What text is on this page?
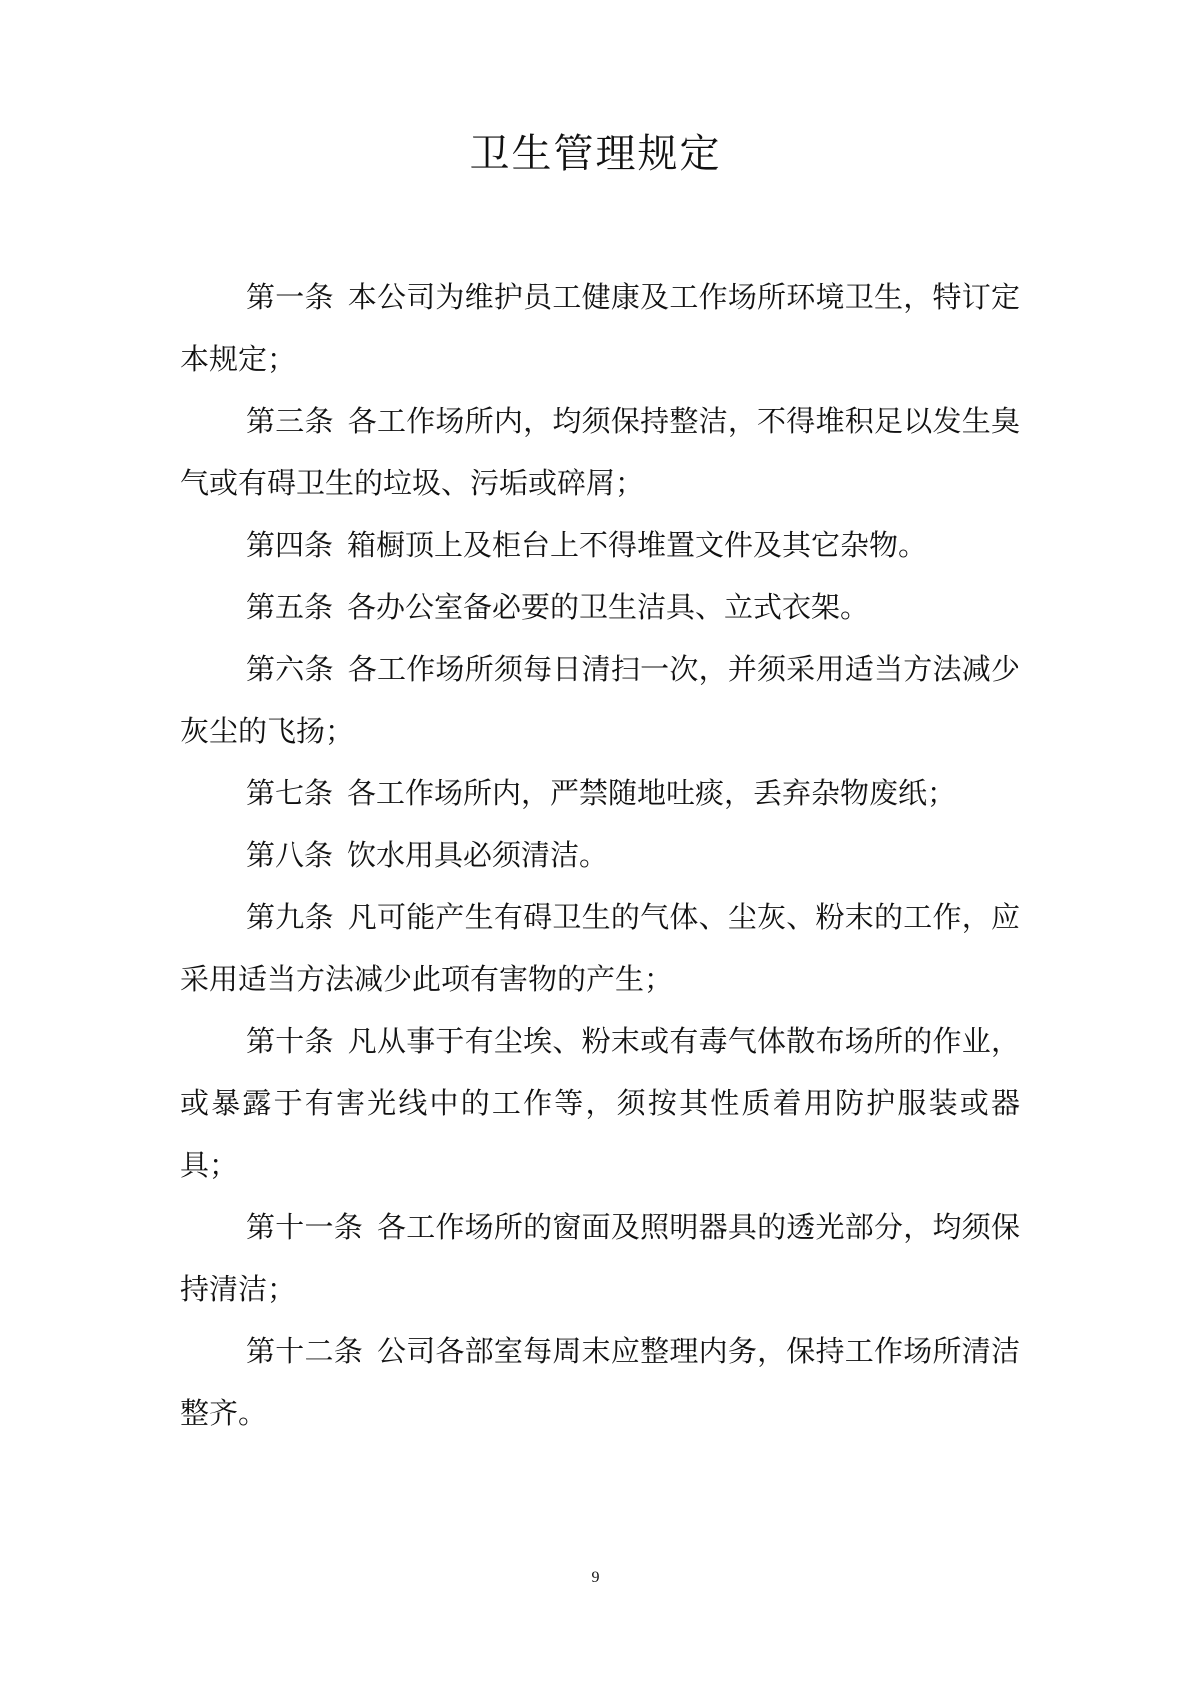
卫生管理规定

第一条 本公司为维护员工健康及工作场所环境卫生，特订定本规定；

第三条 各工作场所内，均须保持整洁，不得堆积足以发生臭气或有碍卫生的垃圾、污垢或碎屑；

第四条 箱橱顶上及柜台上不得堆置文件及其它杂物。

第五条 各办公室备必要的卫生洁具、立式衣架。

第六条 各工作场所须每日清扫一次，并须采用适当方法减少灰尘的飞扬；

第七条 各工作场所内，严禁随地吐痰，丢弃杂物废纸；

第八条 饮水用具必须清洁。

第九条 凡可能产生有碍卫生的气体、尘灰、粉末的工作，应采用适当方法减少此项有害物的产生；

第十条 凡从事于有尘埃、粉末或有毒气体散布场所的作业，或暴露于有害光线中的工作等，须按其性质着用防护服装或器具；

第十一条 各工作场所的窗面及照明器具的透光部分，均须保持清洁；

第十二条 公司各部室每周末应整理内务，保持工作场所清洁整齐。

9
